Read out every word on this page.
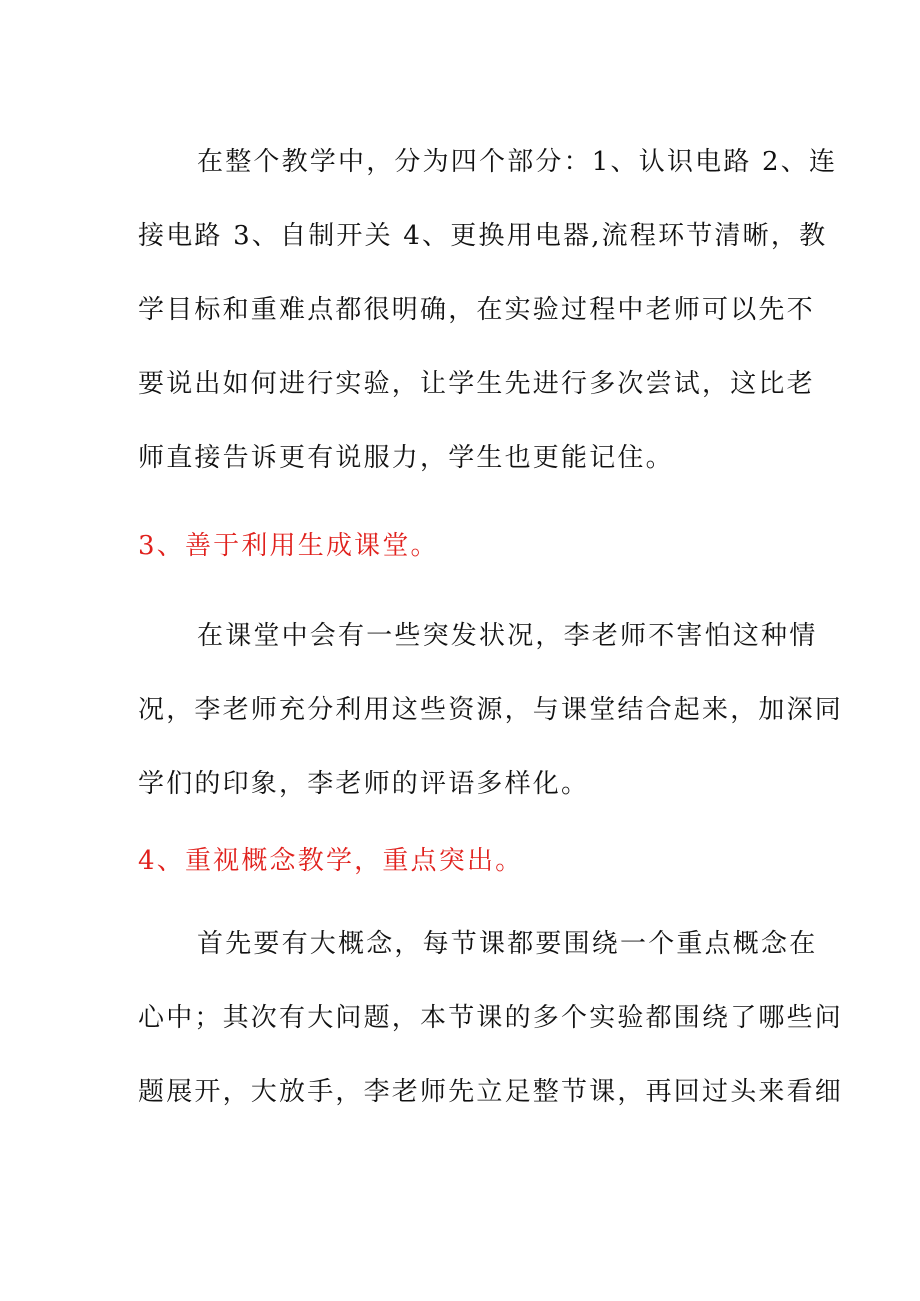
在整个教学中，分为四个部分：1、认识电路 2、连
接电路 3、自制开关 4、更换用电器,流程环节清晰，教
学目标和重难点都很明确，在实验过程中老师可以先不
要说出如何进行实验，让学生先进行多次尝试，这比老
师直接告诉更有说服力，学生也更能记住。
3、善于利用生成课堂。
在课堂中会有一些突发状况，李老师不害怕这种情
况，李老师充分利用这些资源，与课堂结合起来，加深同
学们的印象，李老师的评语多样化。
4、重视概念教学，重点突出。
首先要有大概念，每节课都要围绕一个重点概念在
心中；其次有大问题，本节课的多个实验都围绕了哪些问
题展开，大放手，李老师先立足整节课，再回过头来看细
